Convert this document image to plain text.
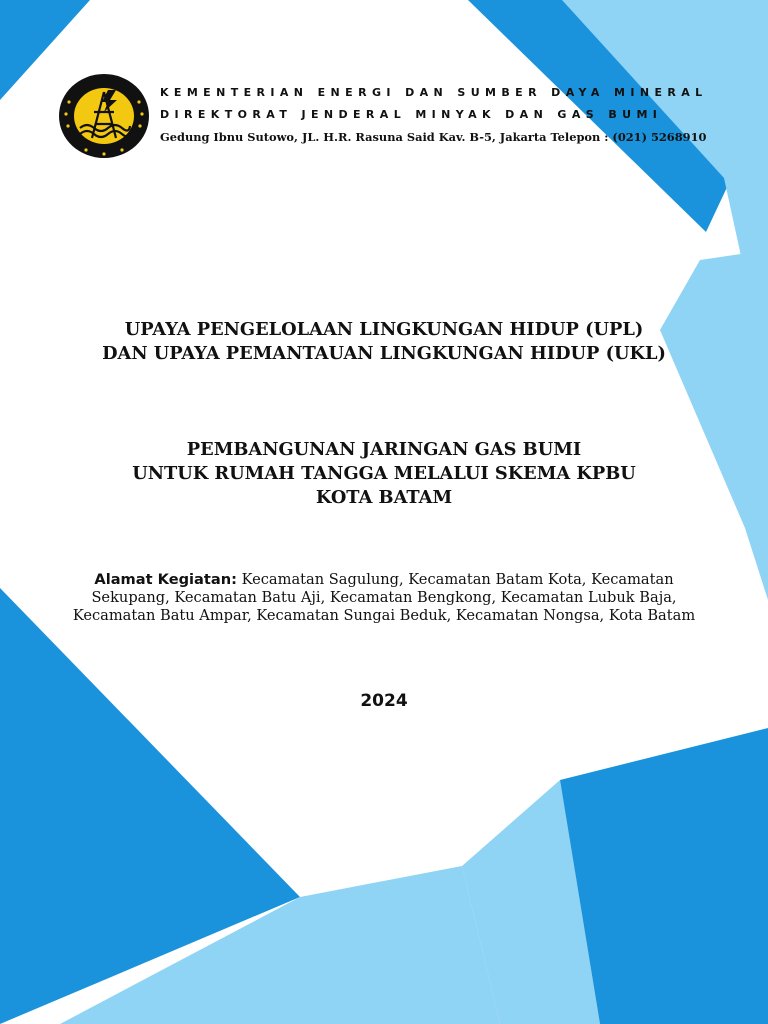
KEMENTERIAN ENERGI DAN SUMBER DAYA MINERAL
DIREKTORAT JENDERAL MINYAK DAN GAS BUMI
Gedung Ibnu Sutowo, JL. H.R. Rasuna Said Kav. B-5, Jakarta Telepon : (021) 5268910
UPAYA PENGELOLAAN LINGKUNGAN HIDUP (UPL)
DAN UPAYA PEMANTAUAN LINGKUNGAN HIDUP (UKL)
PEMBANGUNAN JARINGAN GAS BUMI
UNTUK RUMAH TANGGA MELALUI SKEMA KPBU
KOTA BATAM
Alamat Kegiatan: Kecamatan Sagulung, Kecamatan Batam Kota, Kecamatan
Sekupang, Kecamatan Batu Aji, Kecamatan Bengkong, Kecamatan Lubuk Baja,
Kecamatan Batu Ampar, Kecamatan Sungai Beduk, Kecamatan Nongsa, Kota Batam
2024
